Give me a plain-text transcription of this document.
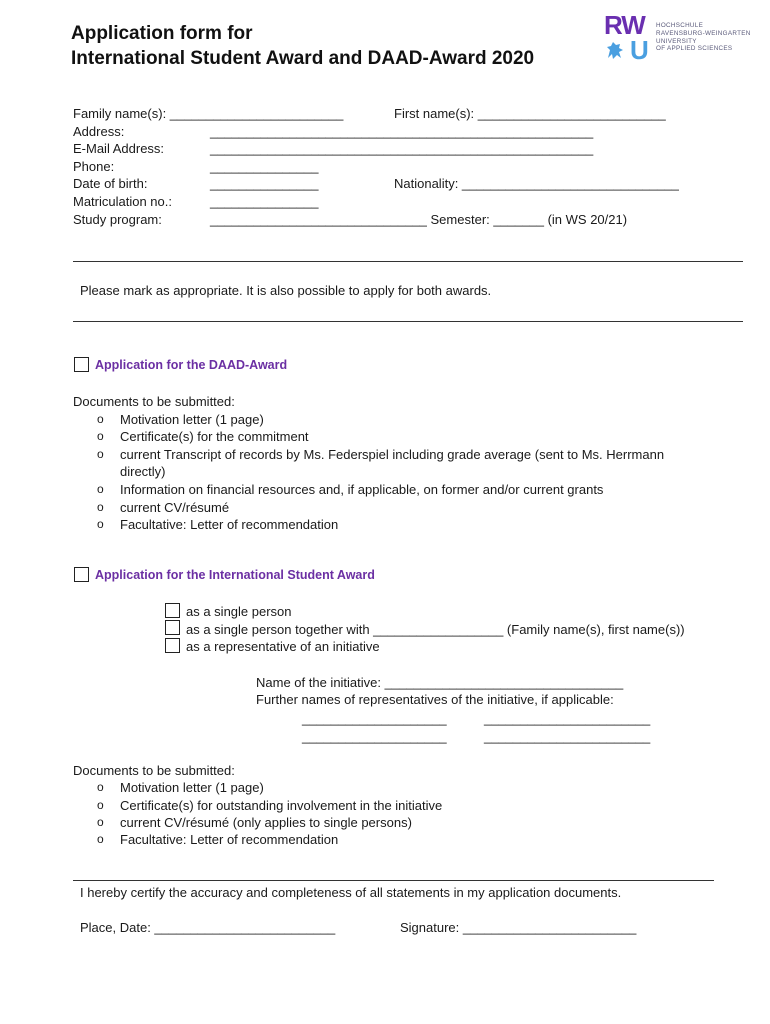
Application form for
International Student Award and DAAD-Award 2020
RW
U
HOCHSCHULE
RAVENSBURG-WEINGARTEN
UNIVERSITY
OF APPLIED SCIENCES
Family name(s): ________________________	First name(s): __________________________
Address:	_____________________________________________________
E-Mail Address:	_____________________________________________________
Phone:	_______________
Date of birth:	_______________	Nationality: ______________________________
Matriculation no.:	_______________
Study program:	______________________________ Semester: _______ (in WS 20/21)
Please mark as appropriate. It is also possible to apply for both awards.
Application for the DAAD-Award
Documents to be submitted:
o Motivation letter (1 page)
o Certificate(s) for the commitment
o current Transcript of records by Ms. Federspiel including grade average (sent to Ms. Herrmann
directly)
o Information on financial resources and, if applicable, on former and/or current grants
o current CV/résumé
o Facultative: Letter of recommendation
Application for the International Student Award
as a single person
as a single person together with __________________ (Family name(s), first name(s))
as a representative of an initiative
Name of the initiative: _________________________________
Further names of representatives of the initiative, if applicable:
____________________	_______________________
____________________	_______________________
Documents to be submitted:
o Motivation letter (1 page)
o Certificate(s) for outstanding involvement in the initiative
o current CV/résumé (only applies to single persons)
o Facultative: Letter of recommendation
I hereby certify the accuracy and completeness of all statements in my application documents.
Place, Date: _________________________	Signature: ________________________
